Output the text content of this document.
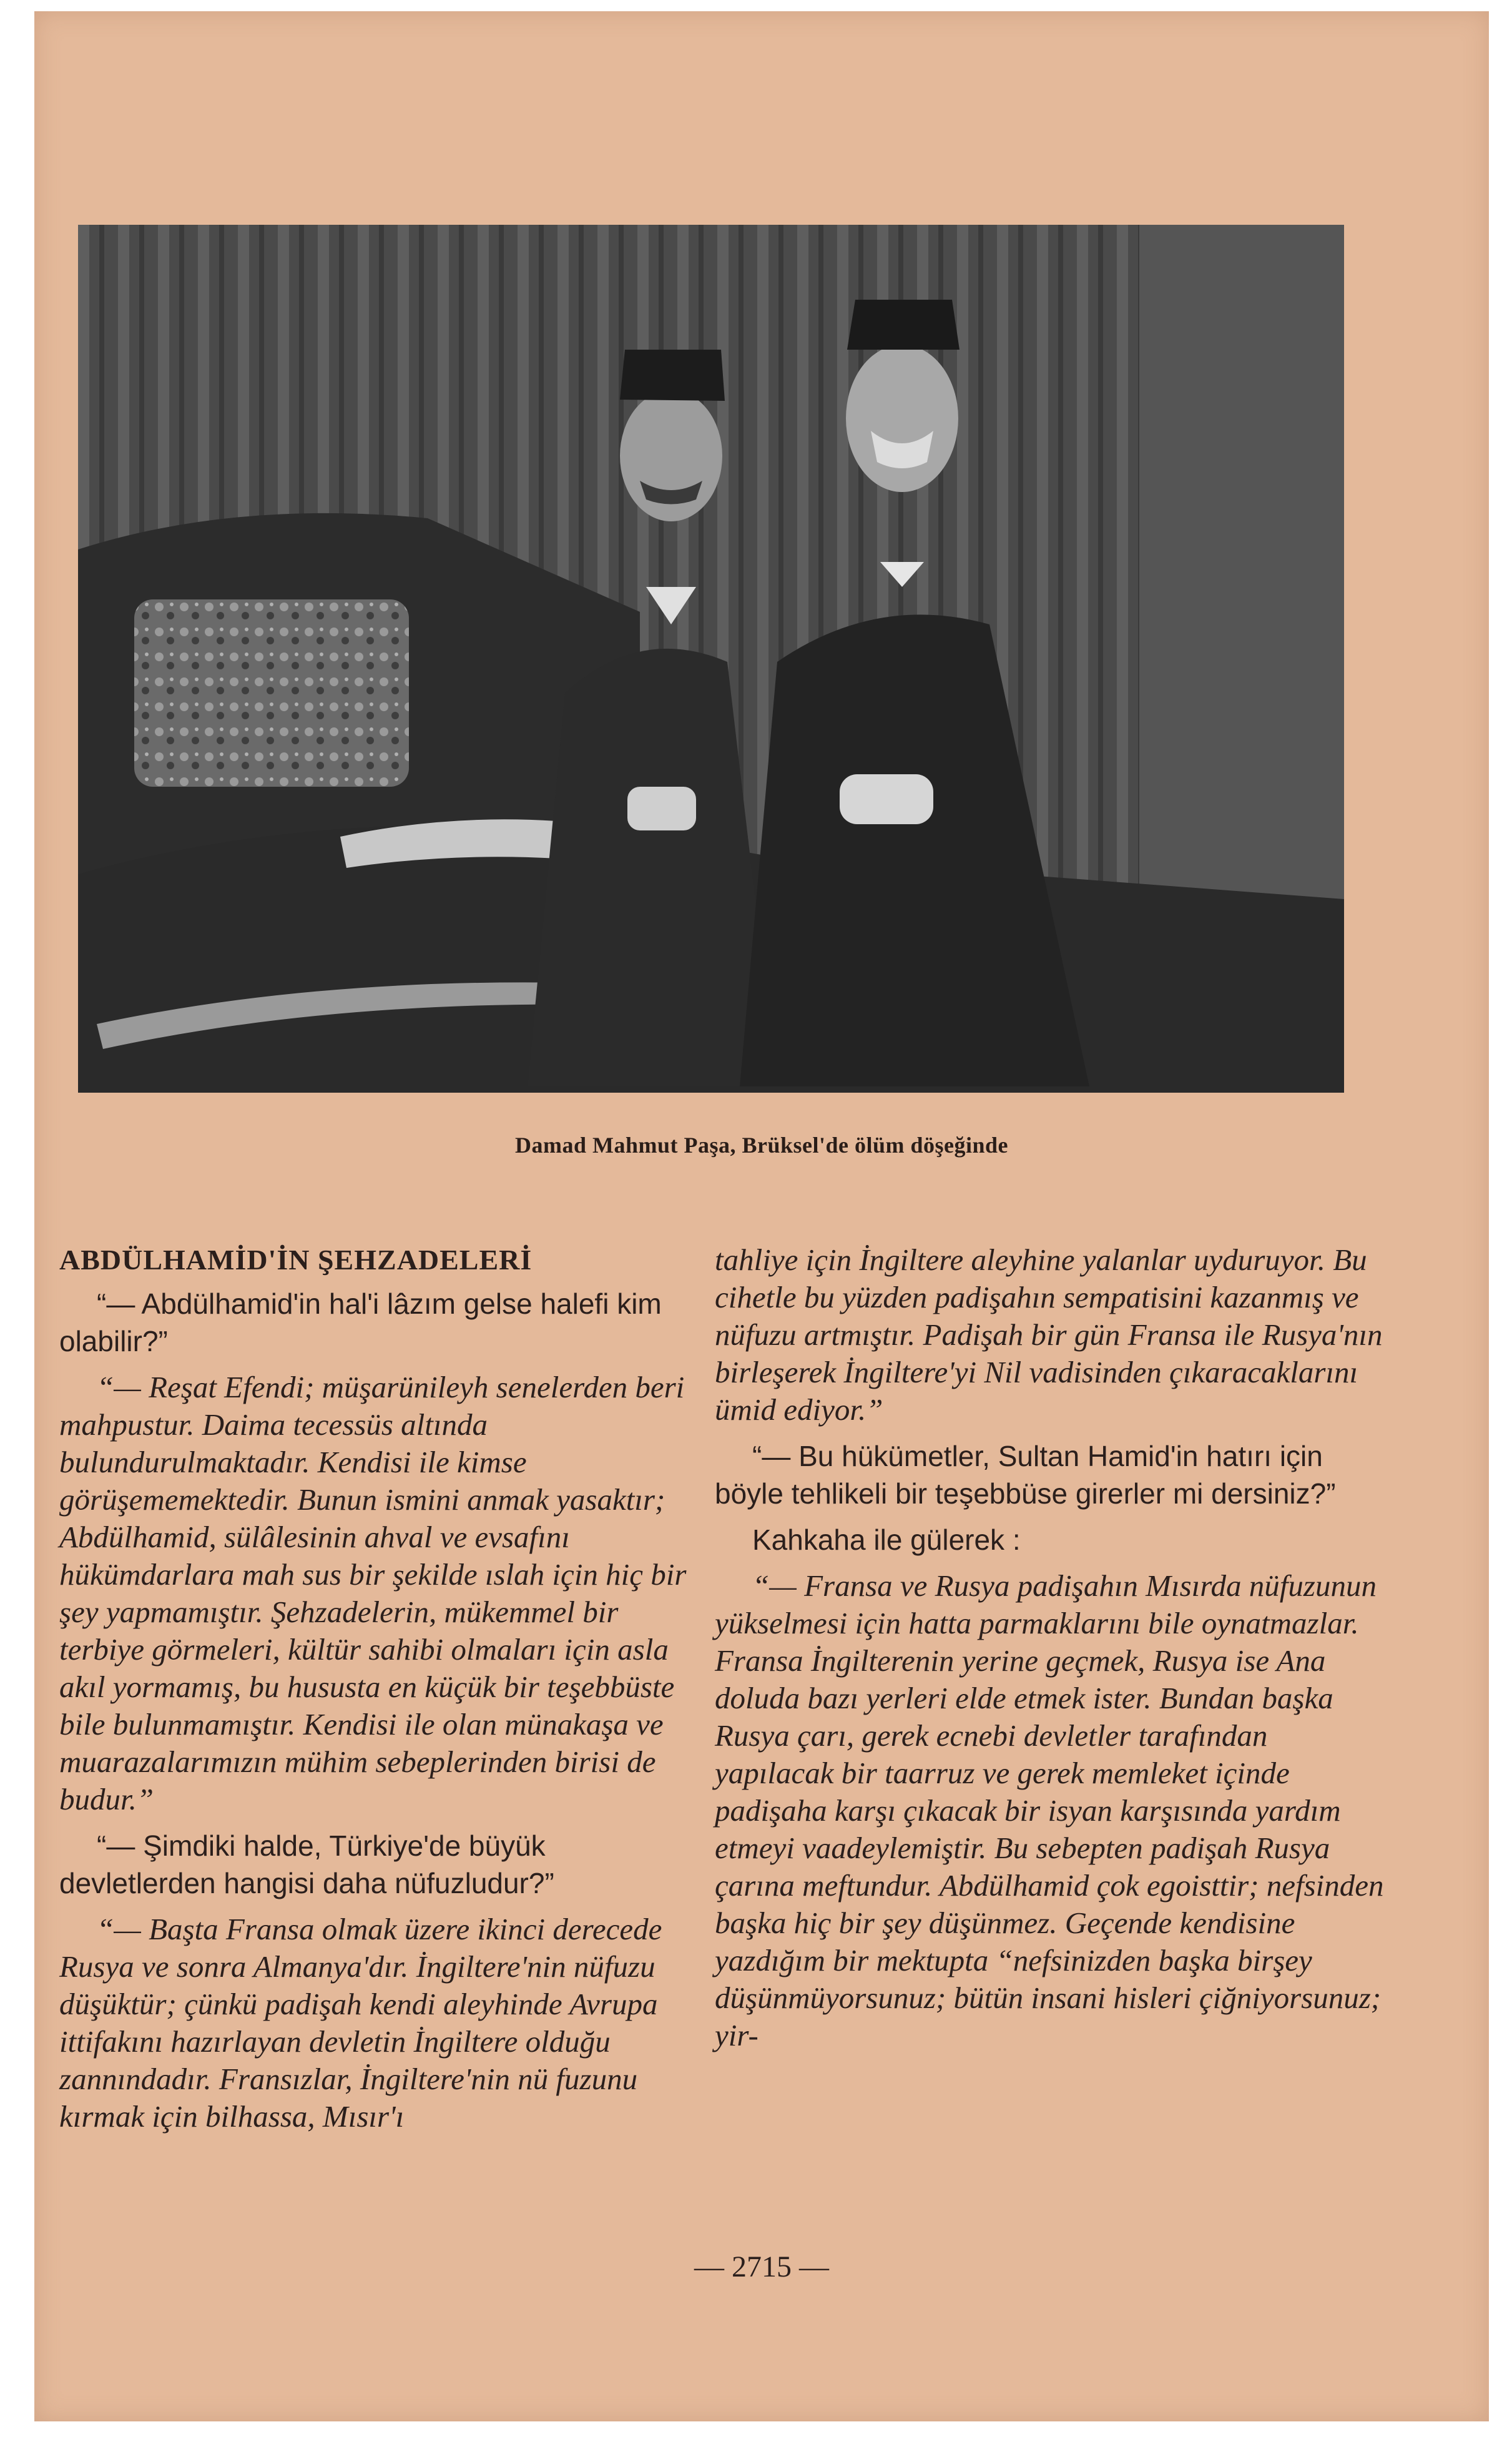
Damad Mahmut Paşa, Brüksel'de ölüm döşeğinde

ABDÜLHAMİD'İN ŞEHZADELERİ

“— Abdülhamid'in hal'i lâzım gelse halefi kim olabilir?”

“— Reşat Efendi; müşarünileyh senelerden beri mahpustur. Daima tecessüs altında bulundurulmaktadır. Kendisi ile kimse görüşememektedir. Bunun ismini anmak yasaktır; Abdülhamid, sülâlesinin ahval ve evsafını hükümdarlara mah sus bir şekilde ıslah için hiç bir şey yapmamıştır. Şehzadelerin, mükemmel bir terbiye görmeleri, kültür sahibi olmaları için asla akıl yormamış, bu hususta en küçük bir teşebbüste bile bulunmamıştır. Kendisi ile olan münakaşa ve muarazalarımızın mühim sebeplerinden birisi de budur.”

“— Şimdiki halde, Türkiye'de büyük devletlerden hangisi daha nüfuzludur?”

“— Başta Fransa olmak üzere ikinci derecede Rusya ve sonra Almanya'dır. İngiltere'nin nüfuzu düşüktür; çünkü padişah kendi aleyhinde Avrupa ittifakını hazırlayan devletin İngiltere olduğu zannındadır. Fransızlar, İngiltere'nin nü fuzunu kırmak için bilhassa, Mısır'ı

tahliye için İngiltere aleyhine yalanlar uyduruyor. Bu cihetle bu yüzden padişahın sempatisini kazanmış ve nüfuzu artmıştır. Padişah bir gün Fransa ile Rusya'nın birleşerek İngiltere'yi Nil vadisinden çıkaracaklarını ümid ediyor.”

“— Bu hükümetler, Sultan Hamid'in hatırı için böyle tehlikeli bir teşebbüse girerler mi dersiniz?”

Kahkaha ile gülerek :

“— Fransa ve Rusya padişahın Mısırda nüfuzunun yükselmesi için hatta parmaklarını bile oynatmazlar. Fransa İngilterenin yerine geçmek, Rusya ise Ana doluda bazı yerleri elde etmek ister. Bundan başka Rusya çarı, gerek ecnebi devletler tarafından yapılacak bir taarruz ve gerek memleket içinde padişaha karşı çıkacak bir isyan karşısında yardım etmeyi vaadeylemiştir. Bu sebepten padişah Rusya çarına meftundur. Abdülhamid çok egoisttir; nefsinden başka hiç bir şey düşünmez. Geçende kendisine yazdığım bir mektupta “nefsinizden başka birşey düşünmüyorsunuz; bütün insani hisleri çiğniyorsunuz; yir-

— 2715 —
